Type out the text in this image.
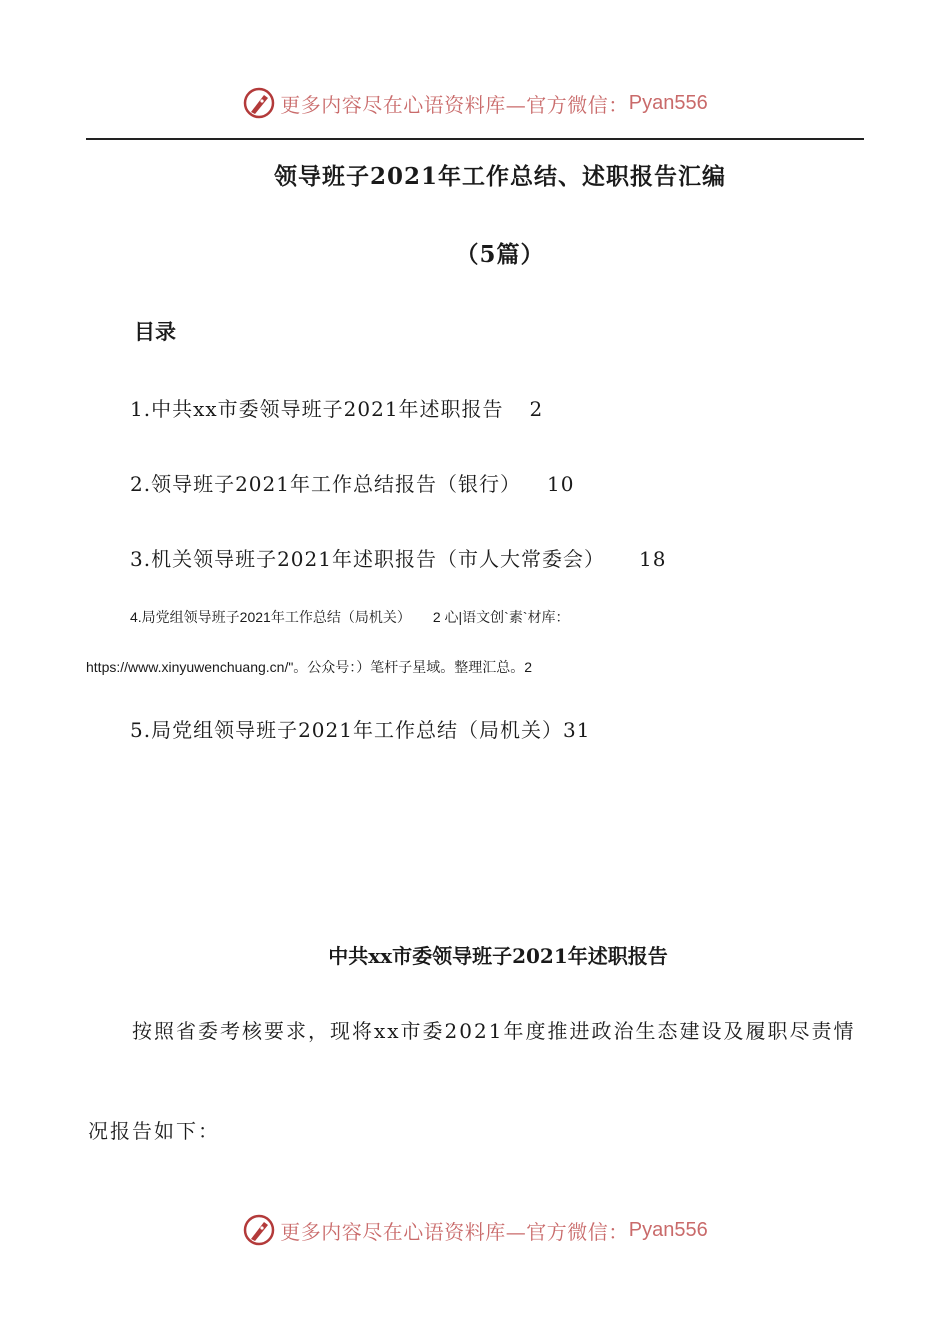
更多内容尽在心语资料库—官方微信： Pyan556
领导班子2021年工作总结、述职报告汇编
（5篇）
目录
1.中共xx市委领导班子2021年述职报告 2
2.领导班子2021年工作总结报告（银行） 10
3.机关领导班子2021年述职报告（市人大常委会） 18
4.局党组领导班子2021年工作总结（局机关） 2 心|语文创`素`材库：
https://www.xinyuwenchuang.cn/"。公众号：）笔杆子星域。整理汇总。2
5.局党组领导班子2021年工作总结（局机关）31
中共xx市委领导班子2021年述职报告

按照省委考核要求，现将xx市委2021年度推进政治生态建设及履职尽责情

况报告如下：

更多内容尽在心语资料库—官方微信： Pyan556
